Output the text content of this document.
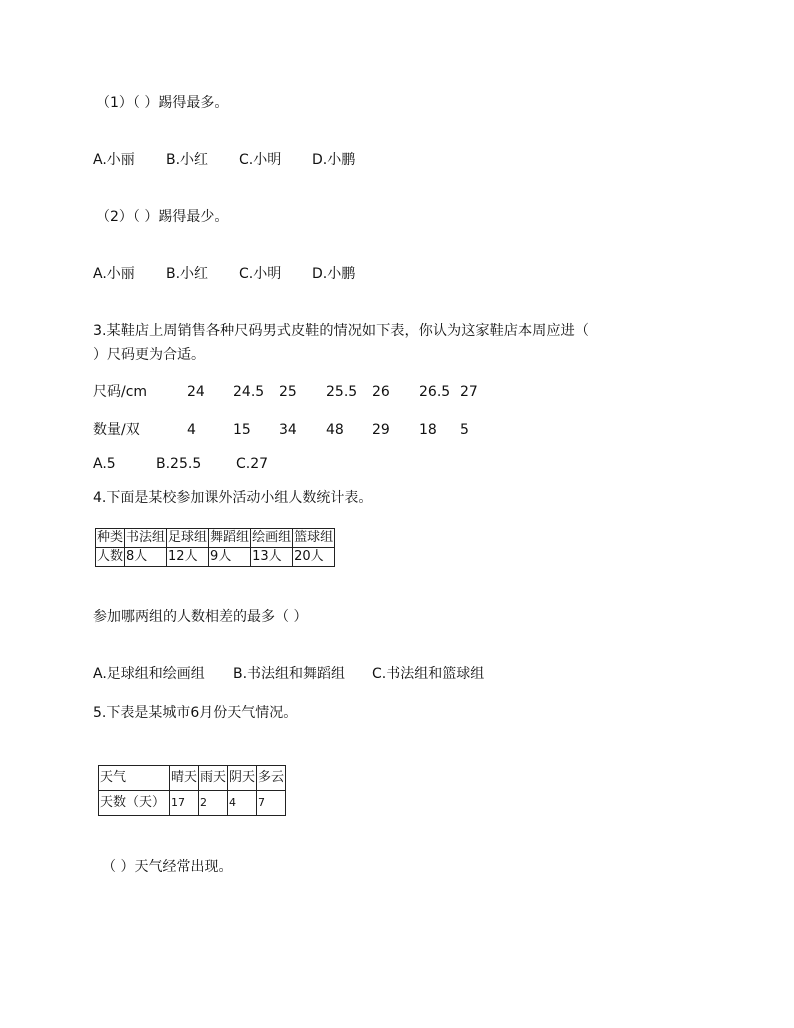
（1）（ ）踢得最多。
A.小丽 B.小红 C.小明 D.小鹏
（2）（ ）踢得最少。
A.小丽 B.小红 C.小明 D.小鹏
3.某鞋店上周销售各种尺码男式皮鞋的情况如下表，你认为这家鞋店本周应进（
）尺码更为合适。
尺码/cm	24 24.5 25 25.5 26 26.5 27
数量/双	4	15 34 48 29 18 5
A.5	B.25.5 C.27
4.下面是某校参加课外活动小组人数统计表。
种类	书法组	足球组	舞蹈组	绘画组	篮球组
人数	8人	12人	9人	13人	20人
参加哪两组的人数相差的最多（ ）
A.足球组和绘画组 B.书法组和舞蹈组 C.书法组和篮球组
5.下表是某城市6月份天气情况。
天气	晴天	雨天	阴天	多云
天数（天）	17	2	4	7
（ ）天气经常出现。
